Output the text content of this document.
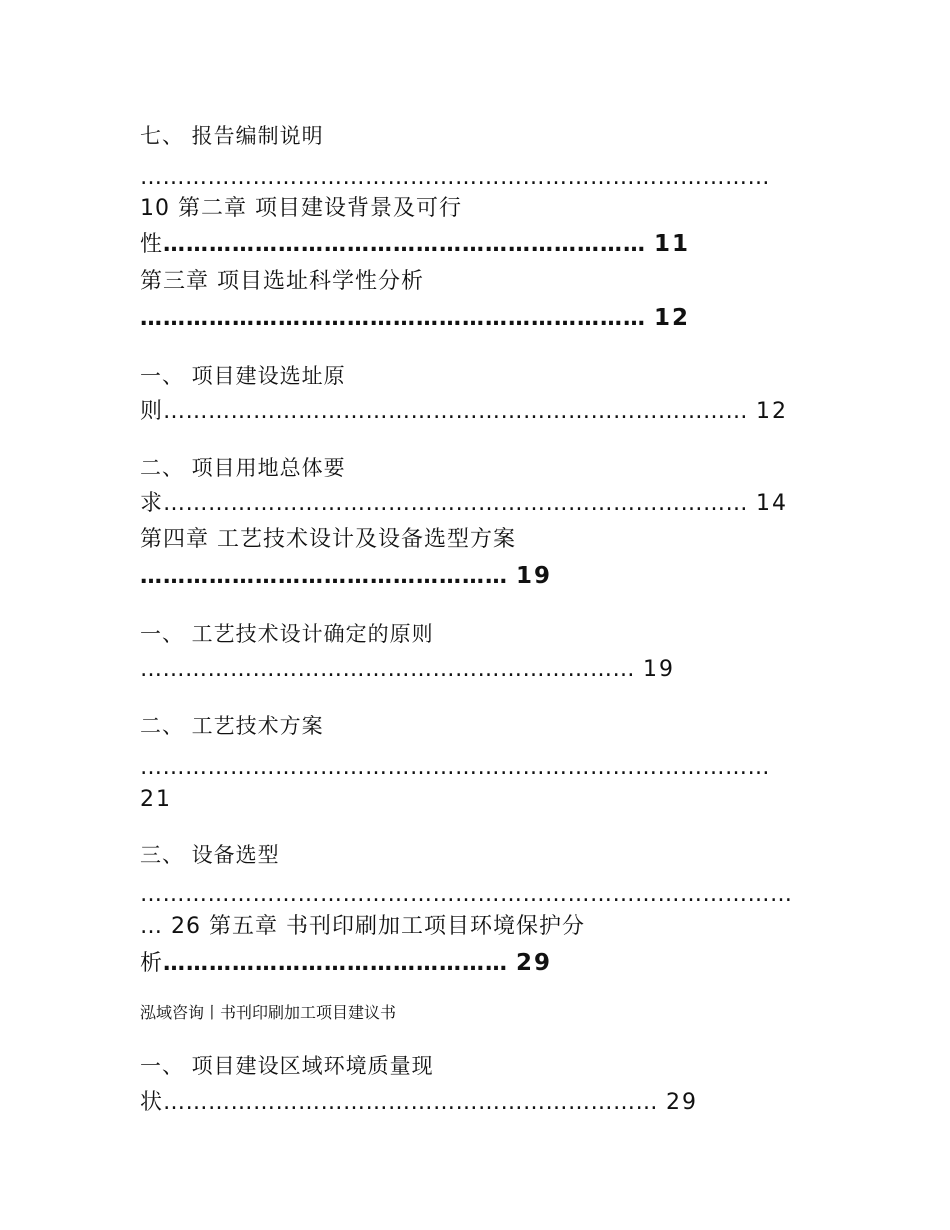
七、 报告编制说明
…………………………………………………………………………
10 第二章 项目建设背景及可行
性……………………………………………………… 11
第三章 项目选址科学性分析
………………………………………………………… 12
一、 项目建设选址原
则…………………………………………………………………… 12
二、 项目用地总体要
求…………………………………………………………………… 14
第四章 工艺技术设计及设备选型方案
………………………………………… 19
一、 工艺技术设计确定的原则
………………………………………………………… 19
二、 工艺技术方案
…………………………………………………………………………
21
三、 设备选型
……………………………………………………………………………
… 26 第五章 书刊印刷加工项目环境保护分
析……………………………………… 29
泓域咨询丨书刊印刷加工项目建议书
一、 项目建设区域环境质量现
状………………………………………………………… 29
